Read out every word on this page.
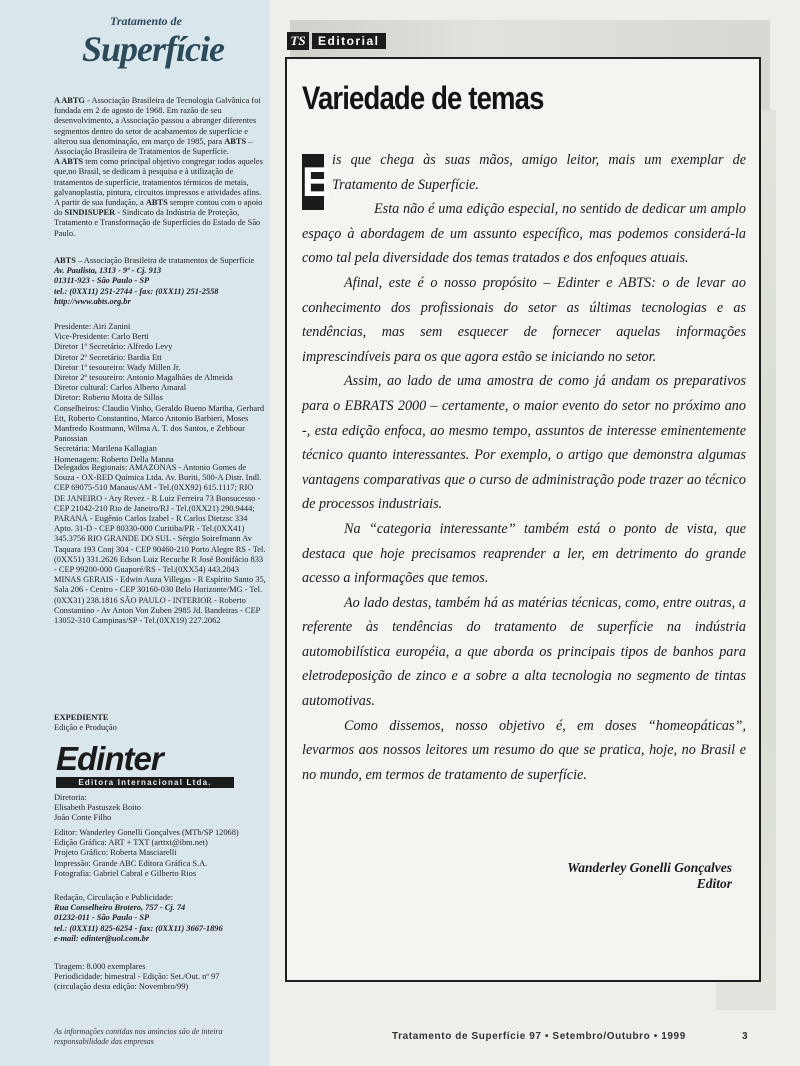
Tratamento de
Superfície

A ABTG - Associação Brasileira de Tecnologia Galvânica foi fundada em 2 de agosto de 1968. Em razão de seu desenvolvimento, a Associação passou a abranger diferentes segmentos dentro do setor de acabamentos de superfície e alterou sua denominação, em março de 1985, para ABTS – Associação Brasileira de Tratamentos de Superfície.

A ABTS tem como principal objetivo congregar todos aqueles que,no Brasil, se dedicam à pesquisa e à utilização de tratamentos de superfície, tratamentos térmicos de metais, galvanoplastia, pintura, circuitos impressos e atividades afins. A partir de sua fundação, a ABTS sempre contou com o apoio do SINDISUPER - Sindicato da Indústria de Proteção, Tratamento e Transformação de Superfícies do Estado de São Paulo.

ABTS – Associação Brasileira de tratamentos de Superfície

Av. Paulista, 1313 - 9º - Cj. 913

01311-923 - São Paulo - SP

tel.: (0XX11) 251-2744 - fax: (0XX11) 251-2558

http://www.abts.org.br

Presidente: Airi Zanini

Vice-Presidente: Carlo Berti

Diretor 1º Secretário: Alfredo Levy

Diretor 2º Secretário: Bardia Ett

Diretor 1º tesoureiro: Wady Millen Jr.

Diretor 2º tesoureiro: Antonio Magalhães de Almeida

Diretor cultural: Carlos Alberto Amaral

Diretor: Roberto Motta de Sillos

Conselheiros: Claudio Vinho, Geraldo Bueno Martha, Gerhard Ett, Roberto Constantino, Marco Antonio Barbieri, Moses Manfredo Kostmann, Wilma A. T. dos Santos, e Zehbour Panossian

Secretária: Marilena Kallagian

Homenagem: Roberto Della Manna

Delegados Regionais: AMAZONAS - Antonio Gomes de Souza - OX-RED Química Ltda. Av. Buriti, 500-A Distr. Indl. CEP 69075-510 Manaus/AM - Tel.(0XX92) 615.1117; RIO DE JANEIRO - Ary Revez - R Luiz Ferreira 73 Bonsucesso - CEP 21042-210 Rio de Janeiro/RJ - Tel.(0XX21) 290.9444; PARANÁ - Eugênio Carlos Izabel - R Carlos Dietzsc 334 Apto. 31-D - CEP 80330-000 Curitiba/PR - Tel.(0XX41) 345.3756 RIO GRANDE DO SUL - Sérgio Soirefmann Av Taquara 193 Conj 304 - CEP 90460-210 Porto Alegre RS - Tel.(0XX51) 331.2626 Edson Luiz Recuche R José Bonifácio 833 - CEP 99200-000 Guaporé/RS - Tel.(0XX54) 443.2043 MINAS GERAIS - Edwin Auza Villegas - R Espírito Santo 35, Sala 206 - Centro - CEP 30160-030 Belo Horizonte/MG - Tel.(0XX31) 238.1816 SÃO PAULO - INTERIOR - Roberto Constantino - Av Anton Von Zuben 2985 Jd. Bandeiras - CEP 13052-310 Campinas/SP - Tel.(0XX19) 227.2062

EXPEDIENTE

Edição e Produção

Edinter
Editora Internacional Ltda.

Diretoria:

Elisabeth Pastuszek Boito

João Conte Filho

Editor: Wanderley Gonelli Gonçalves (MTb/SP 12068)

Edição Gráfica: ART + TXT (arttxt@ibm.net)

Projeto Gráfico: Roberta Masciarelli

Impressão: Grande ABC Editora Gráfica S.A.

Fotografia: Gabriel Cabral e Gilberto Rios

Redação, Circulação e Publicidade:

Rua Conselheiro Brotero, 757 - Cj. 74

01232-011 - São Paulo - SP

tel.: (0XX11) 825-6254 - fax: (0XX11) 3667-1896

e-mail: edinter@uol.com.br

Tiragem: 8.000 exemplares

Periodicidade: bimestral - Edição: Set./Out. nº 97

(circulação desta edição: Novembro/99)

As informações contidas nos anúncios são de inteira responsabilidade das empresas
TS	Editorial
Variedade de temas

E is que chega às suas mãos, amigo leitor, mais um exemplar de Tratamento de Superfície.

Esta não é uma edição especial, no sentido de dedicar um amplo espaço à abordagem de um assunto específico, mas podemos considerá-la como tal pela diversidade dos temas tratados e dos enfoques atuais.

Afinal, este é o nosso propósito – Edinter e ABTS: o de levar ao conhecimento dos profissionais do setor as últimas tecnologias e as tendências, mas sem esquecer de fornecer aquelas informações imprescindíveis para os que agora estão se iniciando no setor.

Assim, ao lado de uma amostra de como já andam os preparativos para o EBRATS 2000 – certamente, o maior evento do setor no próximo ano -, esta edição enfoca, ao mesmo tempo, assuntos de interesse eminentemente técnico quanto interessantes. Por exemplo, o artigo que demonstra algumas vantagens comparativas que o curso de administração pode trazer ao técnico de processos industriais.

Na “categoria interessante” também está o ponto de vista, que destaca que hoje precisamos reaprender a ler, em detrimento do grande acesso a informações que temos.

Ao lado destas, também há as matérias técnicas, como, entre outras, a referente às tendências do tratamento de superfície na indústria automobilística européia, a que aborda os principais tipos de banhos para eletrodeposição de zinco e a sobre a alta tecnologia no segmento de tintas automotivas.

Como dissemos, nosso objetivo é, em doses “homeopáticas”, levarmos aos nossos leitores um resumo do que se pratica, hoje, no Brasil e no mundo, em termos de tratamento de superfície.

Wanderley Gonelli Gonçalves
Editor
Tratamento de Superfície 97 • Setembro/Outubro • 1999	3
